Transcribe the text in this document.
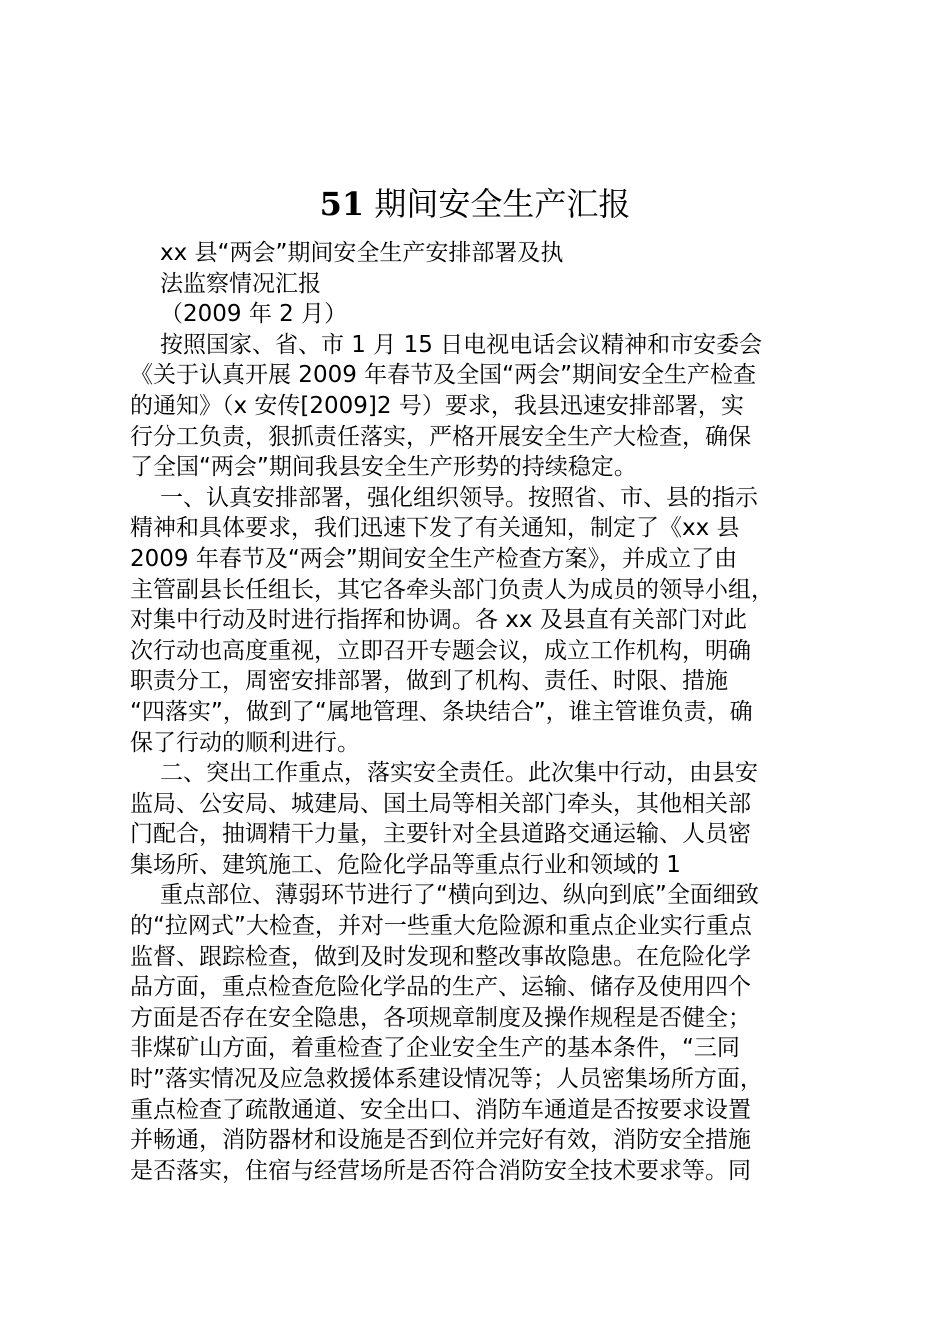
51 期间安全生产汇报
xx 县“两会”期间安全生产安排部署及执
法监察情况汇报
（2009 年 2 月）
按照国家、省、市 1 月 15 日电视电话会议精神和市安委会
《关于认真开展 2009 年春节及全国“两会”期间安全生产检查
的通知》（x 安传[2009]2 号）要求，我县迅速安排部署，实
行分工负责，狠抓责任落实，严格开展安全生产大检查，确保
了全国“两会”期间我县安全生产形势的持续稳定。
一、认真安排部署，强化组织领导。按照省、市、县的指示
精神和具体要求，我们迅速下发了有关通知，制定了《xx 县
2009 年春节及“两会”期间安全生产检查方案》，并成立了由
主管副县长任组长，其它各牵头部门负责人为成员的领导小组，
对集中行动及时进行指挥和协调。各 xx 及县直有关部门对此
次行动也高度重视，立即召开专题会议，成立工作机构，明确
职责分工，周密安排部署，做到了机构、责任、时限、措施
“四落实”，做到了“属地管理、条块结合”，谁主管谁负责，确
保了行动的顺利进行。
二、突出工作重点，落实安全责任。此次集中行动，由县安
监局、公安局、城建局、国土局等相关部门牵头，其他相关部
门配合，抽调精干力量，主要针对全县道路交通运输、人员密
集场所、建筑施工、危险化学品等重点行业和领域的 1
重点部位、薄弱环节进行了“横向到边、纵向到底”全面细致
的“拉网式”大检查，并对一些重大危险源和重点企业实行重点
监督、跟踪检查，做到及时发现和整改事故隐患。在危险化学
品方面，重点检查危险化学品的生产、运输、储存及使用四个
方面是否存在安全隐患，各项规章制度及操作规程是否健全；
非煤矿山方面，着重检查了企业安全生产的基本条件，“三同
时”落实情况及应急救援体系建设情况等；人员密集场所方面，
重点检查了疏散通道、安全出口、消防车通道是否按要求设置
并畅通，消防器材和设施是否到位并完好有效，消防安全措施
是否落实，住宿与经营场所是否符合消防安全技术要求等。同
